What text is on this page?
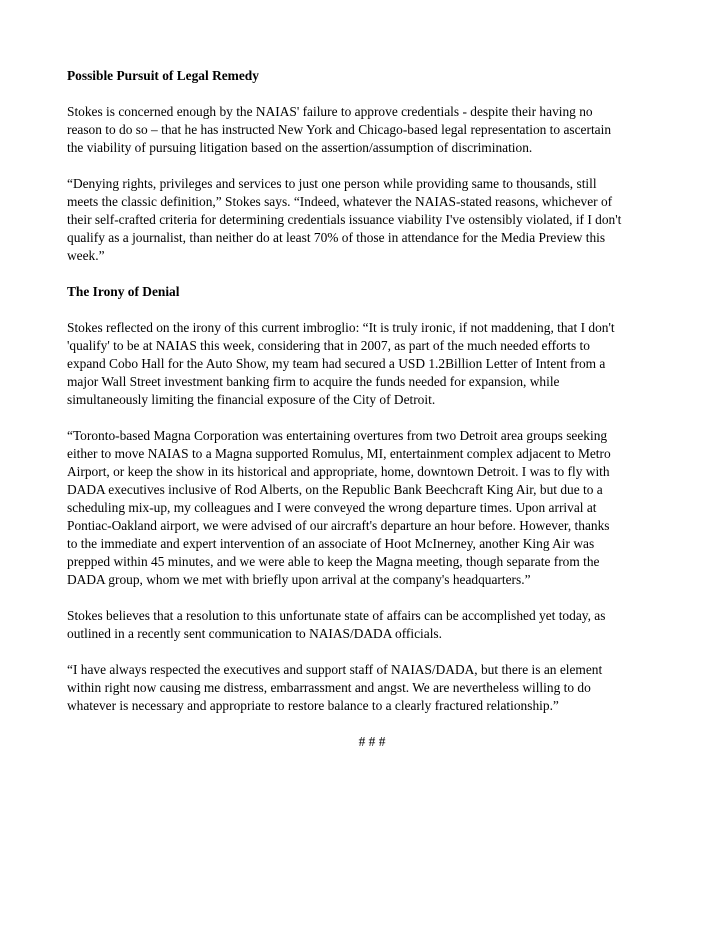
Possible Pursuit of Legal Remedy

Stokes is concerned enough by the NAIAS' failure to approve credentials - despite their having no
reason to do so – that he has instructed New York and Chicago-based legal representation to ascertain
the viability of pursuing litigation based on the assertion/assumption of discrimination.

“Denying rights, privileges and services to just one person while providing same to thousands, still
meets the classic definition,” Stokes says. “Indeed, whatever the NAIAS-stated reasons, whichever of
their self-crafted criteria for determining credentials issuance viability I've ostensibly violated, if I don't
qualify as a journalist, than neither do at least 70% of those in attendance for the Media Preview this
week.”

The Irony of Denial

Stokes reflected on the irony of this current imbroglio: “It is truly ironic, if not maddening, that I don't
'qualify' to be at NAIAS this week, considering that in 2007, as part of the much needed efforts to
expand Cobo Hall for the Auto Show, my team had secured a USD 1.2Billion Letter of Intent from a
major Wall Street investment banking firm to acquire the funds needed for expansion, while
simultaneously limiting the financial exposure of the City of Detroit.

“Toronto-based Magna Corporation was entertaining overtures from two Detroit area groups seeking
either to move NAIAS to a Magna supported Romulus, MI, entertainment complex adjacent to Metro
Airport, or keep the show in its historical and appropriate, home, downtown Detroit. I was to fly with
DADA executives inclusive of Rod Alberts, on the Republic Bank Beechcraft King Air, but due to a
scheduling mix-up, my colleagues and I were conveyed the wrong departure times. Upon arrival at
Pontiac-Oakland airport, we were advised of our aircraft's departure an hour before. However, thanks
to the immediate and expert intervention of an associate of Hoot McInerney, another King Air was
prepped within 45 minutes, and we were able to keep the Magna meeting, though separate from the
DADA group, whom we met with briefly upon arrival at the company's headquarters.”

Stokes believes that a resolution to this unfortunate state of affairs can be accomplished yet today, as
outlined in a recently sent communication to NAIAS/DADA officials.

“I have always respected the executives and support staff of NAIAS/DADA, but there is an element
within right now causing me distress, embarrassment and angst. We are nevertheless willing to do
whatever is necessary and appropriate to restore balance to a clearly fractured relationship.”

# # #
